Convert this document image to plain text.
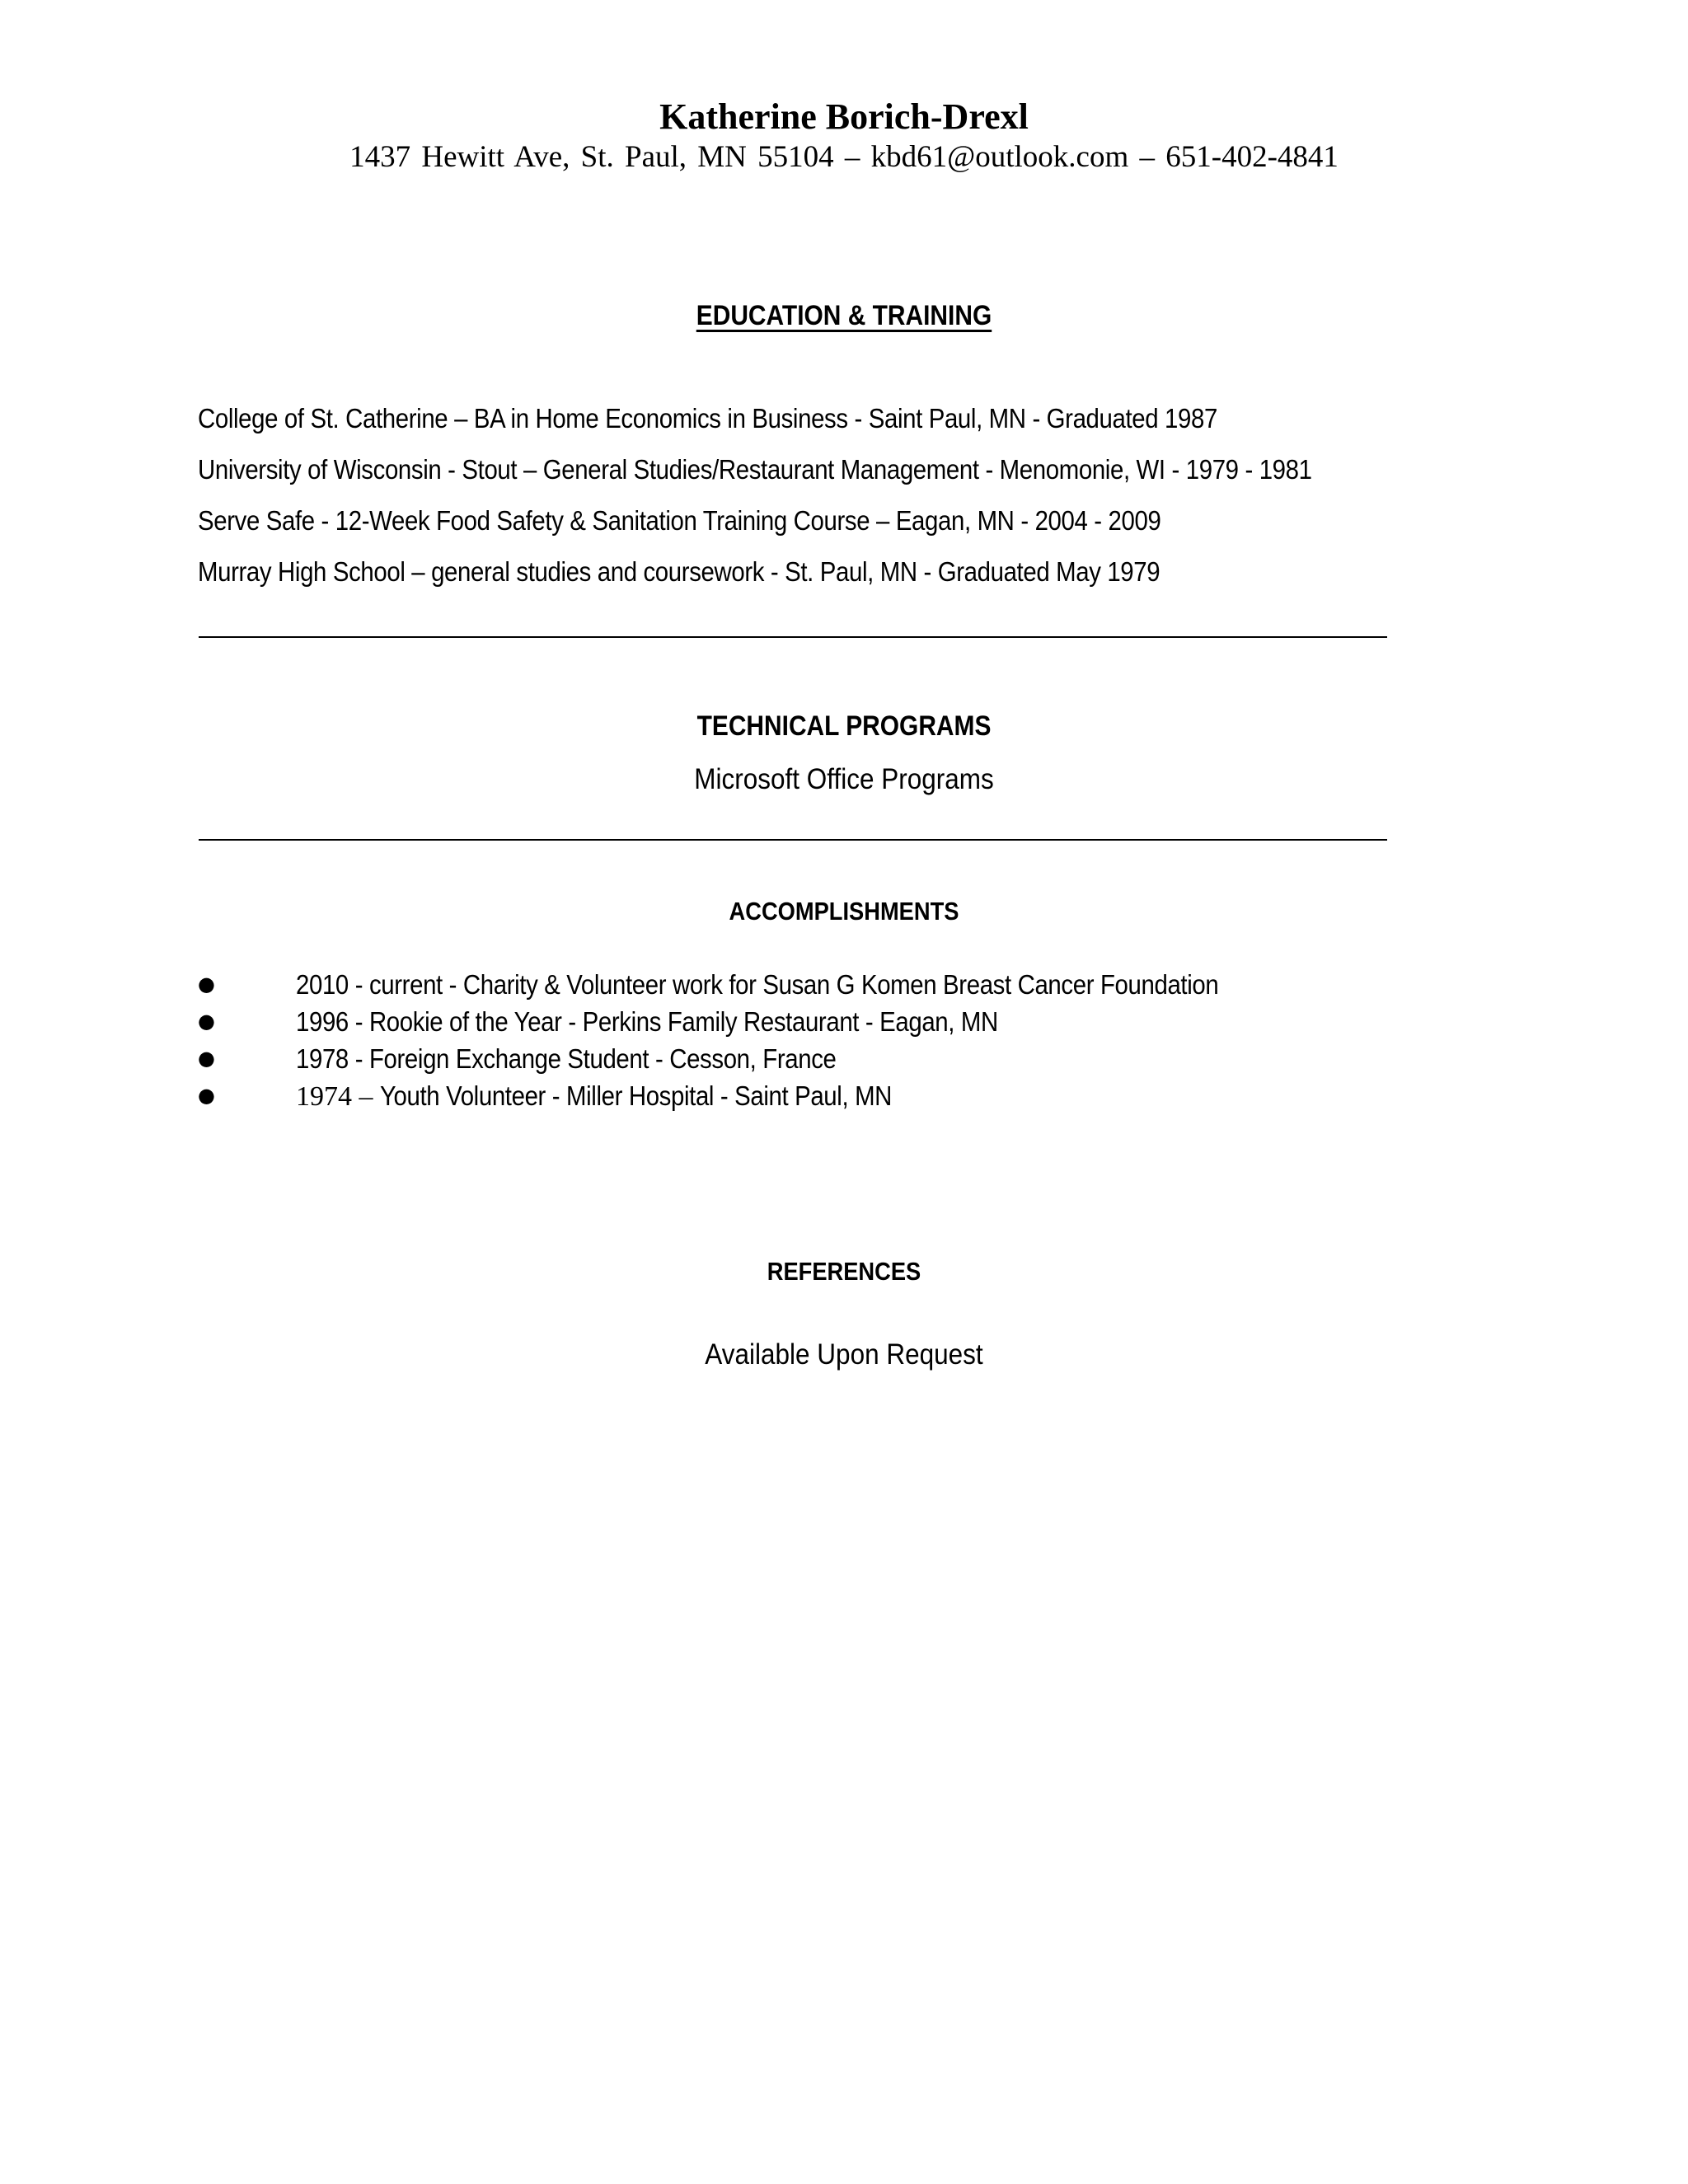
Katherine Borich-Drexl

1437 Hewitt Ave, St. Paul, MN 55104 – kbd61@outlook.com – 651-402-4841

EDUCATION & TRAINING
College of St. Catherine – BA in Home Economics in Business - Saint Paul, MN - Graduated 1987
University of Wisconsin - Stout – General Studies/Restaurant Management - Menomonie, WI - 1979 - 1981
Serve Safe - 12-Week Food Safety & Sanitation Training Course – Eagan, MN - 2004 - 2009
Murray High School – general studies and coursework - St. Paul, MN - Graduated May 1979
TECHNICAL PROGRAMS

Microsoft Office Programs

ACCOMPLISHMENTS
●	2010 - current - Charity & Volunteer work for Susan G Komen Breast Cancer Foundation
●	1996 - Rookie of the Year - Perkins Family Restaurant - Eagan, MN
●	1978 - Foreign Exchange Student - Cesson, France
●	1974 – Youth Volunteer - Miller Hospital - Saint Paul, MN
REFERENCES

Available Upon Request
